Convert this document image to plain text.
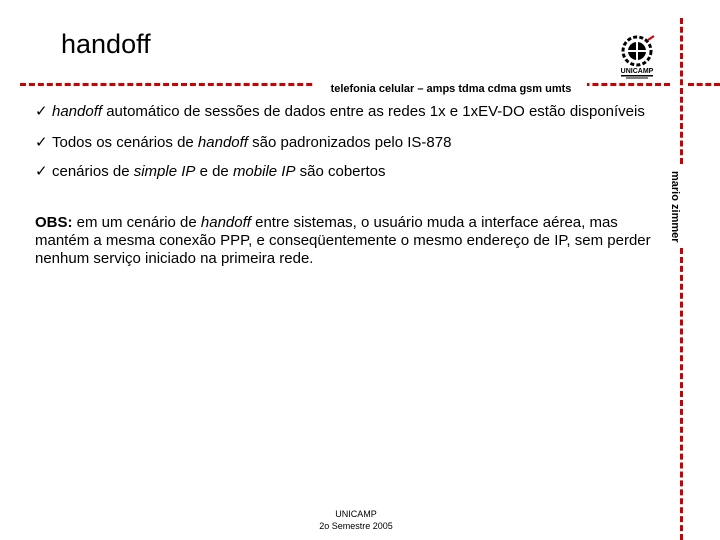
handoff
UNICAMP
telefonia celular – amps tdma cdma gsm umts
mario zimmer

✓ handoff automático de sessões de dados entre as redes 1x e 1xEV-DO estão disponíveis

✓ Todos os cenários de handoff são padronizados pelo IS-878

✓ cenários de simple IP e de mobile IP são cobertos

OBS: em um cenário de handoff entre sistemas, o usuário muda a interface aérea, mas mantém a mesma conexão PPP, e conseqüentemente o mesmo endereço de IP, sem perder nenhum serviço iniciado na primeira rede.

UNICAMP
2o Semestre 2005
